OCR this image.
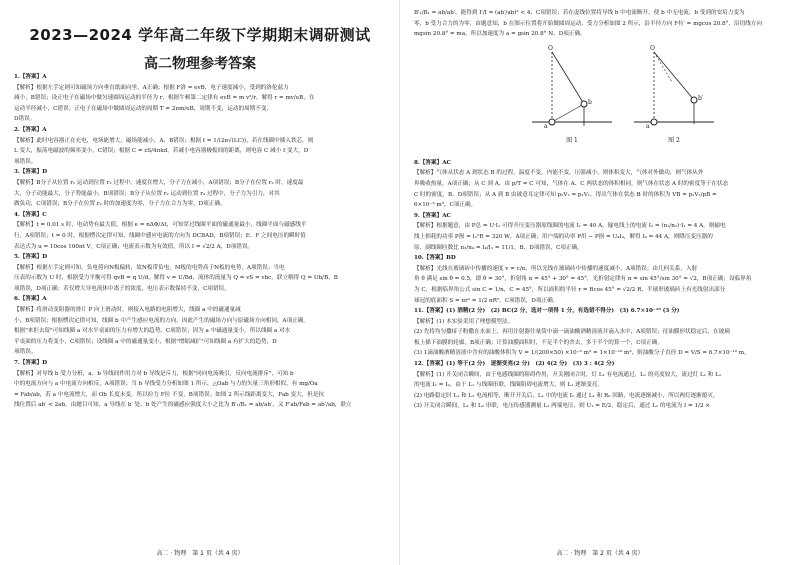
2023—2024 学年高二年级下学期期末调研测试
高二物理参考答案
1.【答案】A
【解析】根据左手定则可知磁场方向垂直纸面向里，A正确；根据 F洛 = evB，电子速度减小，受到的洛伦兹力
减小，B错误；设正电子在磁场中做匀速圆周运动的半径为 r，根据牛顿第二定律有 evB = m v²/r，解得 r = mv/eB，在
运动半径减小，C错误；正电子在磁场中做圆周运动的周期 T = 2πm/eB，周期不变，运动的周期不变，
D错误。
2.【答案】A
【解析】此时电容器正在充电，电场能增大，磁场能减小，A、B错误；根据 f = 1/(2π√(LC))，若在线圈中插入铁芯，则
L 变大，振荡电磁波的频率变小，C错误；根据 C = εS/4πkd，若减小电容器极板间的距离，则电容 C 减小 f 变大，D
项错误。
3.【答案】D
【解析】B分子从位置 r₁ 运动到位置 r₂ 过程中，速度在增大，分子力在减小，A项错误；B分子在位置 r₂ 时，速度最
大，分子动能最大，分子势能最小，B项错误；B分子从位置 r₂ 运动到位置 r₃ 过程中，分子力为引力，对其
做负功，C项错误；B分子在位置 r₂ 时的加速度为零，分子力在合力为零，D项正确。
4.【答案】C
【解析】t = 0.01 s 时，电动势有最大值，根据 e = nΔΦ/Δt，可知穿过线圈平面的磁通量最小，线圈平面与磁感线平
行，A项错误；t = 0 时，根据楞次定律可知，线圈中感应电流的方向为 DCBAD，B项错误；E、F 之间电压的瞬时值
表达式为 u = 10cos 100πt V，C项正确；电流表示数为有效值，所以 I = √2/2 A，D项错误。
5.【答案】D
【解析】根据左手定则可知，负电荷向N板偏转，故N板带负电，M板的电势高于N板的电势，A项错误；当电
压表的示数为 U 时，根据受力平衡可得 qvB = q U/d，解得 v = U/Bd，流体的流量为 Q = vS = vbc，联立解得 Q = Ub/B，B
项错误，D项正确；若仅增大导电流体中离子的浓度，电压表示数保持不变，C项错误。
6.【答案】A
【解析】将滑动变阻器的滑片 P 向上滑动时，则接入电路的电阻增大，线圈 a 中的磁通量减
小，B项错误；根据楞次定律可知，线圈 b 中产生感应电流的方向，因此产生的磁场方向与原磁场方向相同，A项正确。
根据"来拒去留"可知线圈 a 对水平桌面的压力有增大的趋势，C项错误；因为 a 中磁通量变小，所以线圈 a 对水
平桌面的压力将变小，C项错误；设线圈 a 中的磁通量变小，根据"增缩减扩"可知线圈 a 有扩大的趋势，D
项错误。
7.【答案】D
【解析】对导线 b 受力分析，a、b 导线间作用力对 b 导线是斥力，根据"同向电流吸引，反向电流排斥"，可知 b
中的电流方向与 a 中电流方向相反，A项错误；当 b 导线受力分析如图 1 所示，△Oab 与力的矢量三角形相似，有 mg/Oa
= Fab/ab，若 a 中电流增大，而 Ob 长度未变，所以拉力 F拉 不变，B项错误；如图 2 所示线距离变大，Fab 变大，但是抗
线位置后 ab′ < 2ab，由题目可知，a 导线在 b′ 处、b 处产生的磁感应强度大小之比为 B′₁/B₁ = ab/ab′，又 F′ab/Fab = ab′/ab，联立

高二 · 物理　第 1 页（共 4 页）
B′₁/B₁ = ab/ab′，能得到 I′/I = (ab′/ab)² < 4，C项错误；若在虚线位置将导线 b 中电流断开，使 b 中无电流，b 受到的安培力变为
零，b 受力合力的为零，由题意知，b 在图示位置将开始做圆周运动，受力分析如图 2 所示，沿半径方向 F拉′ = mgcos 20.8°，沿切线方向
mgsin 20.8° = ma，所以加速度为 a = gsin 20.8° N，D项正确。
O
a
b
图 1
O
a
b′
图 2
8.【答案】AC
【解析】气体从状态 A 到状态 B 的过程，温度不变，内能不变，压强减小，则体积变大，气体对外做功，则气体从外
界吸收热量，A项正确；从 C 到 A，由 p/T = C 可知，气体在 A、C 两状态的体积相同，则气体在状态 A 时的密度等于在状态
C 时的密度，B、D项错误；从 A 到 B 由玻意耳定律可知 p₂V₂ = p₁V₁，得出气体在状态 B 时的体积为 VB = p₁V₁/pB =
6×10⁻³ m³，C项正确。
9.【答案】AC
【解析】根据题意，由 P总 = U·I₁ 可得升压变压器原线圈的电流 I₁ = 40 A，输电线上的电流 I₂ = (n₁/n₂)·I₁ = 4 A，则输电
线上损耗的功率 P损 = I₂²R = 320 W，A项正确；用户端的功率 P用 − P损 = U₄I₄，解得 I₄ = 44 A，则降压变压器的
原、副线圈匝数比 n₃/n₄ = I₄/I₃ = 11/1，B、D项错误，C项正确。
10.【答案】BD
【解析】光线在玻璃砖中传播的速度 v = c/n，所以光线在玻璃砖中传播的速度减小，A项错误；由几何关系，入射
角 θ 满足 sin θ = 0.5，即 θ = 30°，折射角 α = 45° + 30° = 45°，光折射定律有 n = sin 45°/sin 30° = √2，B项正确；设临界角
为 C，根据临界角公式 sin C = 1/n，C = 45°，所以面积的半径 r = Rcos 45° = √2/2 R，半球形玻璃砖上有光线射出部分
球冠的底面积 S = πr² = 1/2 πR²，C项错误，D项正确。
11.【答案】(1) 酒精(2 分)　(2) BC(2 分，选对一项得 1 分，有选错不得分)　(3) 6.7×10⁻¹⁰ (3 分)
【解析】(1) 本实验采用了理想模型法。
(2) 先将均匀撒痱子粉撒在水面上，再用注射器往量筒中滴一滴油酸酒精溶液并滴入水中，A项错误；待油膜形状稳定后，在玻璃
板上描下油膜的轮廓，B项正确；计算油膜面积时，不足半个的舍去，多于半个的算一个，C项正确。
(3) 1滴油酸酒精溶液中含有的油酸体积为 V = 1/(200×50) ×10⁻⁶ m³ = 1×10⁻¹⁰ m³，则油酸分子直径 D = V/S = 6.7×10⁻¹⁰ m。
12.【答案】(1) 等于(2 分)　逐渐变亮(2 分)　(2) 4(2 分)　(3) 3 : 4(2 分)
【解析】(1) 开关闭合瞬间，由于电感线圈的阻碍作用，开关刚闭合时，灯 L₁ 有电流通过，L₁ 的亮度较大，流过灯 L₁ 和 L₂
的电流 I₁ = I₂，由于 L₁ 与线圈串联，线圈阻碍电流增大，则 L₁ 逐渐变亮。
(2) 电路稳定时 L₁ 和 L₂ 电流相等，断开开关后，L₁ 中的电流 I₁ 通过 L₁ 和 R₀ 回路，电流逐渐减小，所以两灯逐渐熄灭。
(3) 开关闭合瞬间，L₁ 和 L₂ 串联，电压传感器测量 L₂ 两端电压，则 U₁ = E/2，稳定后，通过 L₁ 的电流为 I = 1/2 ×
高二 · 物理　第 2 页（共 4 页）
